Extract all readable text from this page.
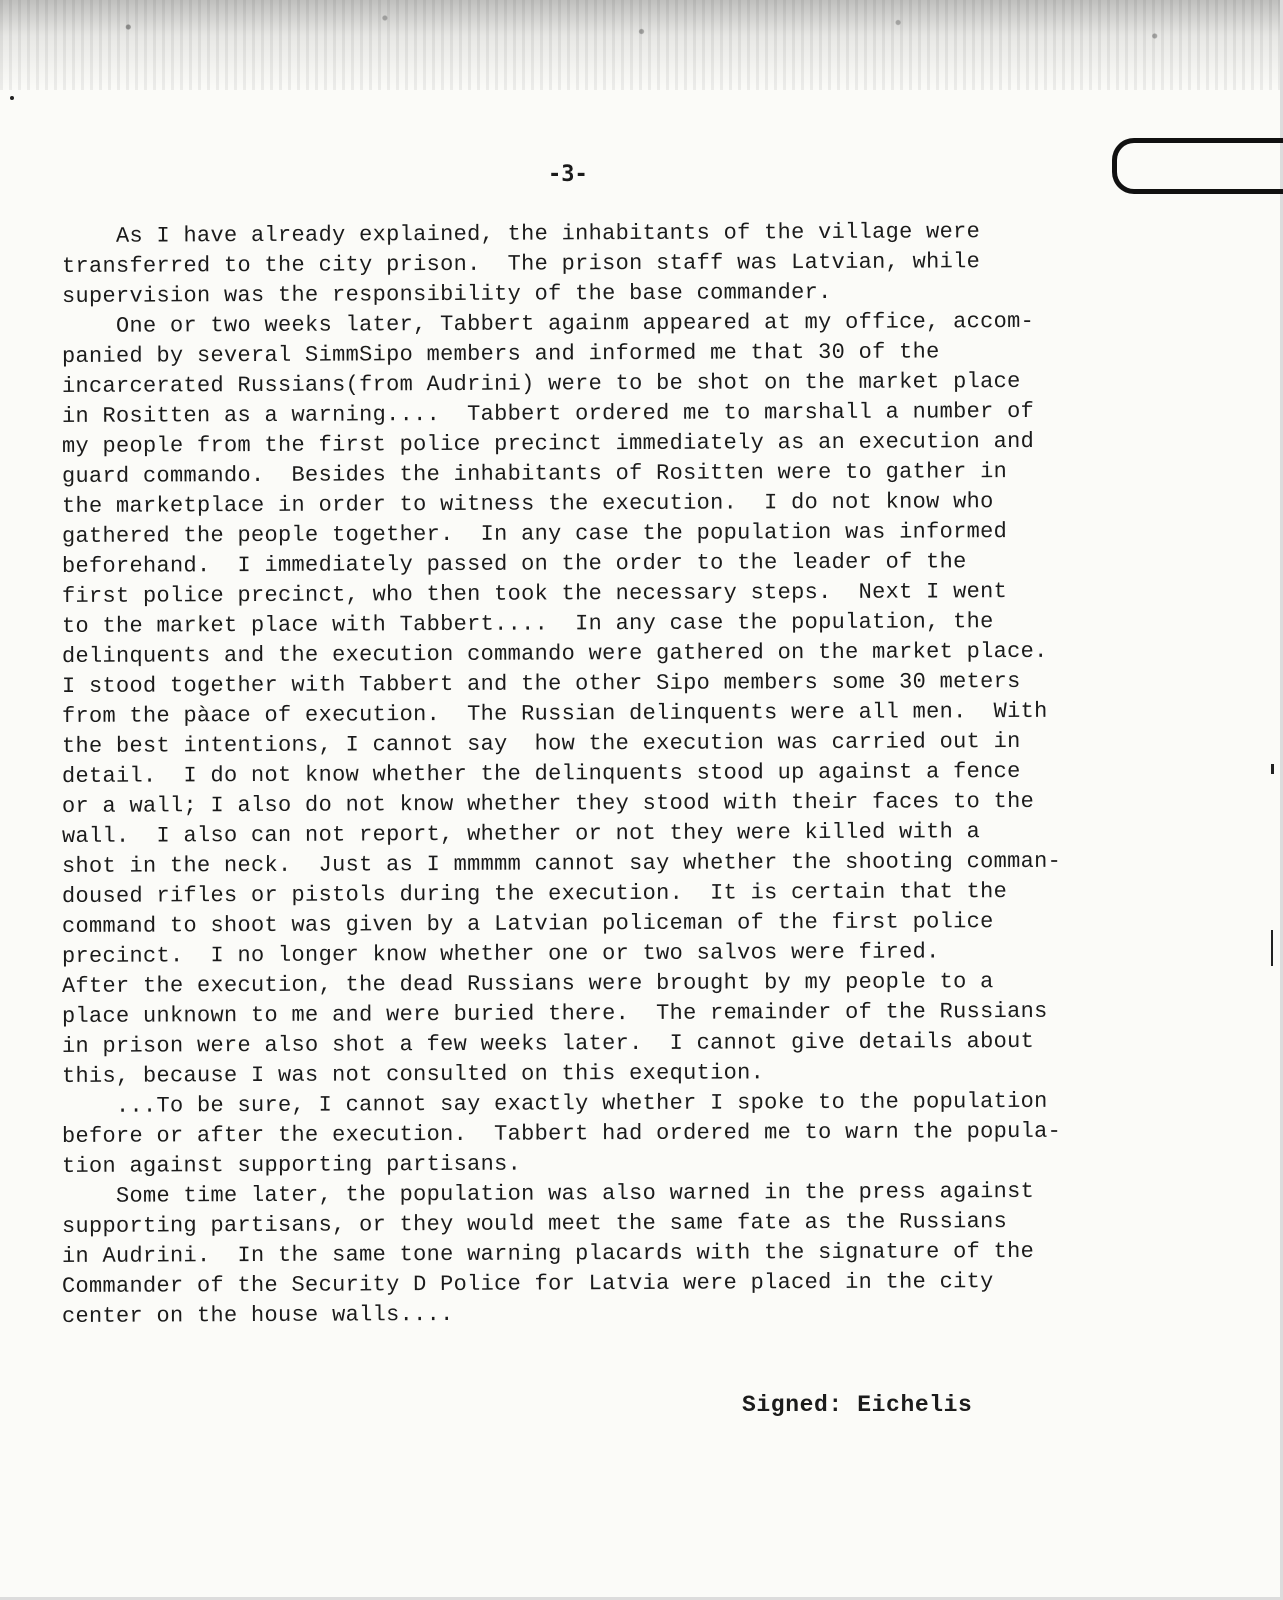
-3-
As I have already explained, the inhabitants of the village were
transferred to the city prison.  The prison staff was Latvian, while
supervision was the responsibility of the base commander.
One or two weeks later, Tabbert againm appeared at my office, accom-
panied by several SimmSipo members and informed me that 30 of the
incarcerated Russians(from Audrini) were to be shot on the market place
in Rositten as a warning....  Tabbert ordered me to marshall a number of
my people from the first police precinct immediately as an execution and
guard commando.  Besides the inhabitants of Rositten were to gather in
the marketplace in order to witness the execution.  I do not know who
gathered the people together.  In any case the population was informed
beforehand.  I immediately passed on the order to the leader of the
first police precinct, who then took the necessary steps.  Next I went
to the market place with Tabbert....  In any case the population, the
delinquents and the execution commando were gathered on the market place.
I stood together with Tabbert and the other Sipo members some 30 meters
from the pàace of execution.  The Russian delinquents were all men.  With
the best intentions, I cannot say  how the execution was carried out in
detail.  I do not know whether the delinquents stood up against a fence
or a wall; I also do not know whether they stood with their faces to the
wall.  I also can not report, whether or not they were killed with a
shot in the neck.  Just as I mmmmm cannot say whether the shooting comman-
doused rifles or pistols during the execution.  It is certain that the
command to shoot was given by a Latvian policeman of the first police
precinct.  I no longer know whether one or two salvos were fired.
After the execution, the dead Russians were brought by my people to a
place unknown to me and were buried there.  The remainder of the Russians
in prison were also shot a few weeks later.  I cannot give details about
this, because I was not consulted on this exeqution.
...To be sure, I cannot say exactly whether I spoke to the population
before or after the execution.  Tabbert had ordered me to warn the popula-
tion against supporting partisans.
Some time later, the population was also warned in the press against
supporting partisans, or they would meet the same fate as the Russians
in Audrini.  In the same tone warning placards with the signature of the
Commander of the Security D Police for Latvia were placed in the city
center on the house walls....
Signed: Eichelis
